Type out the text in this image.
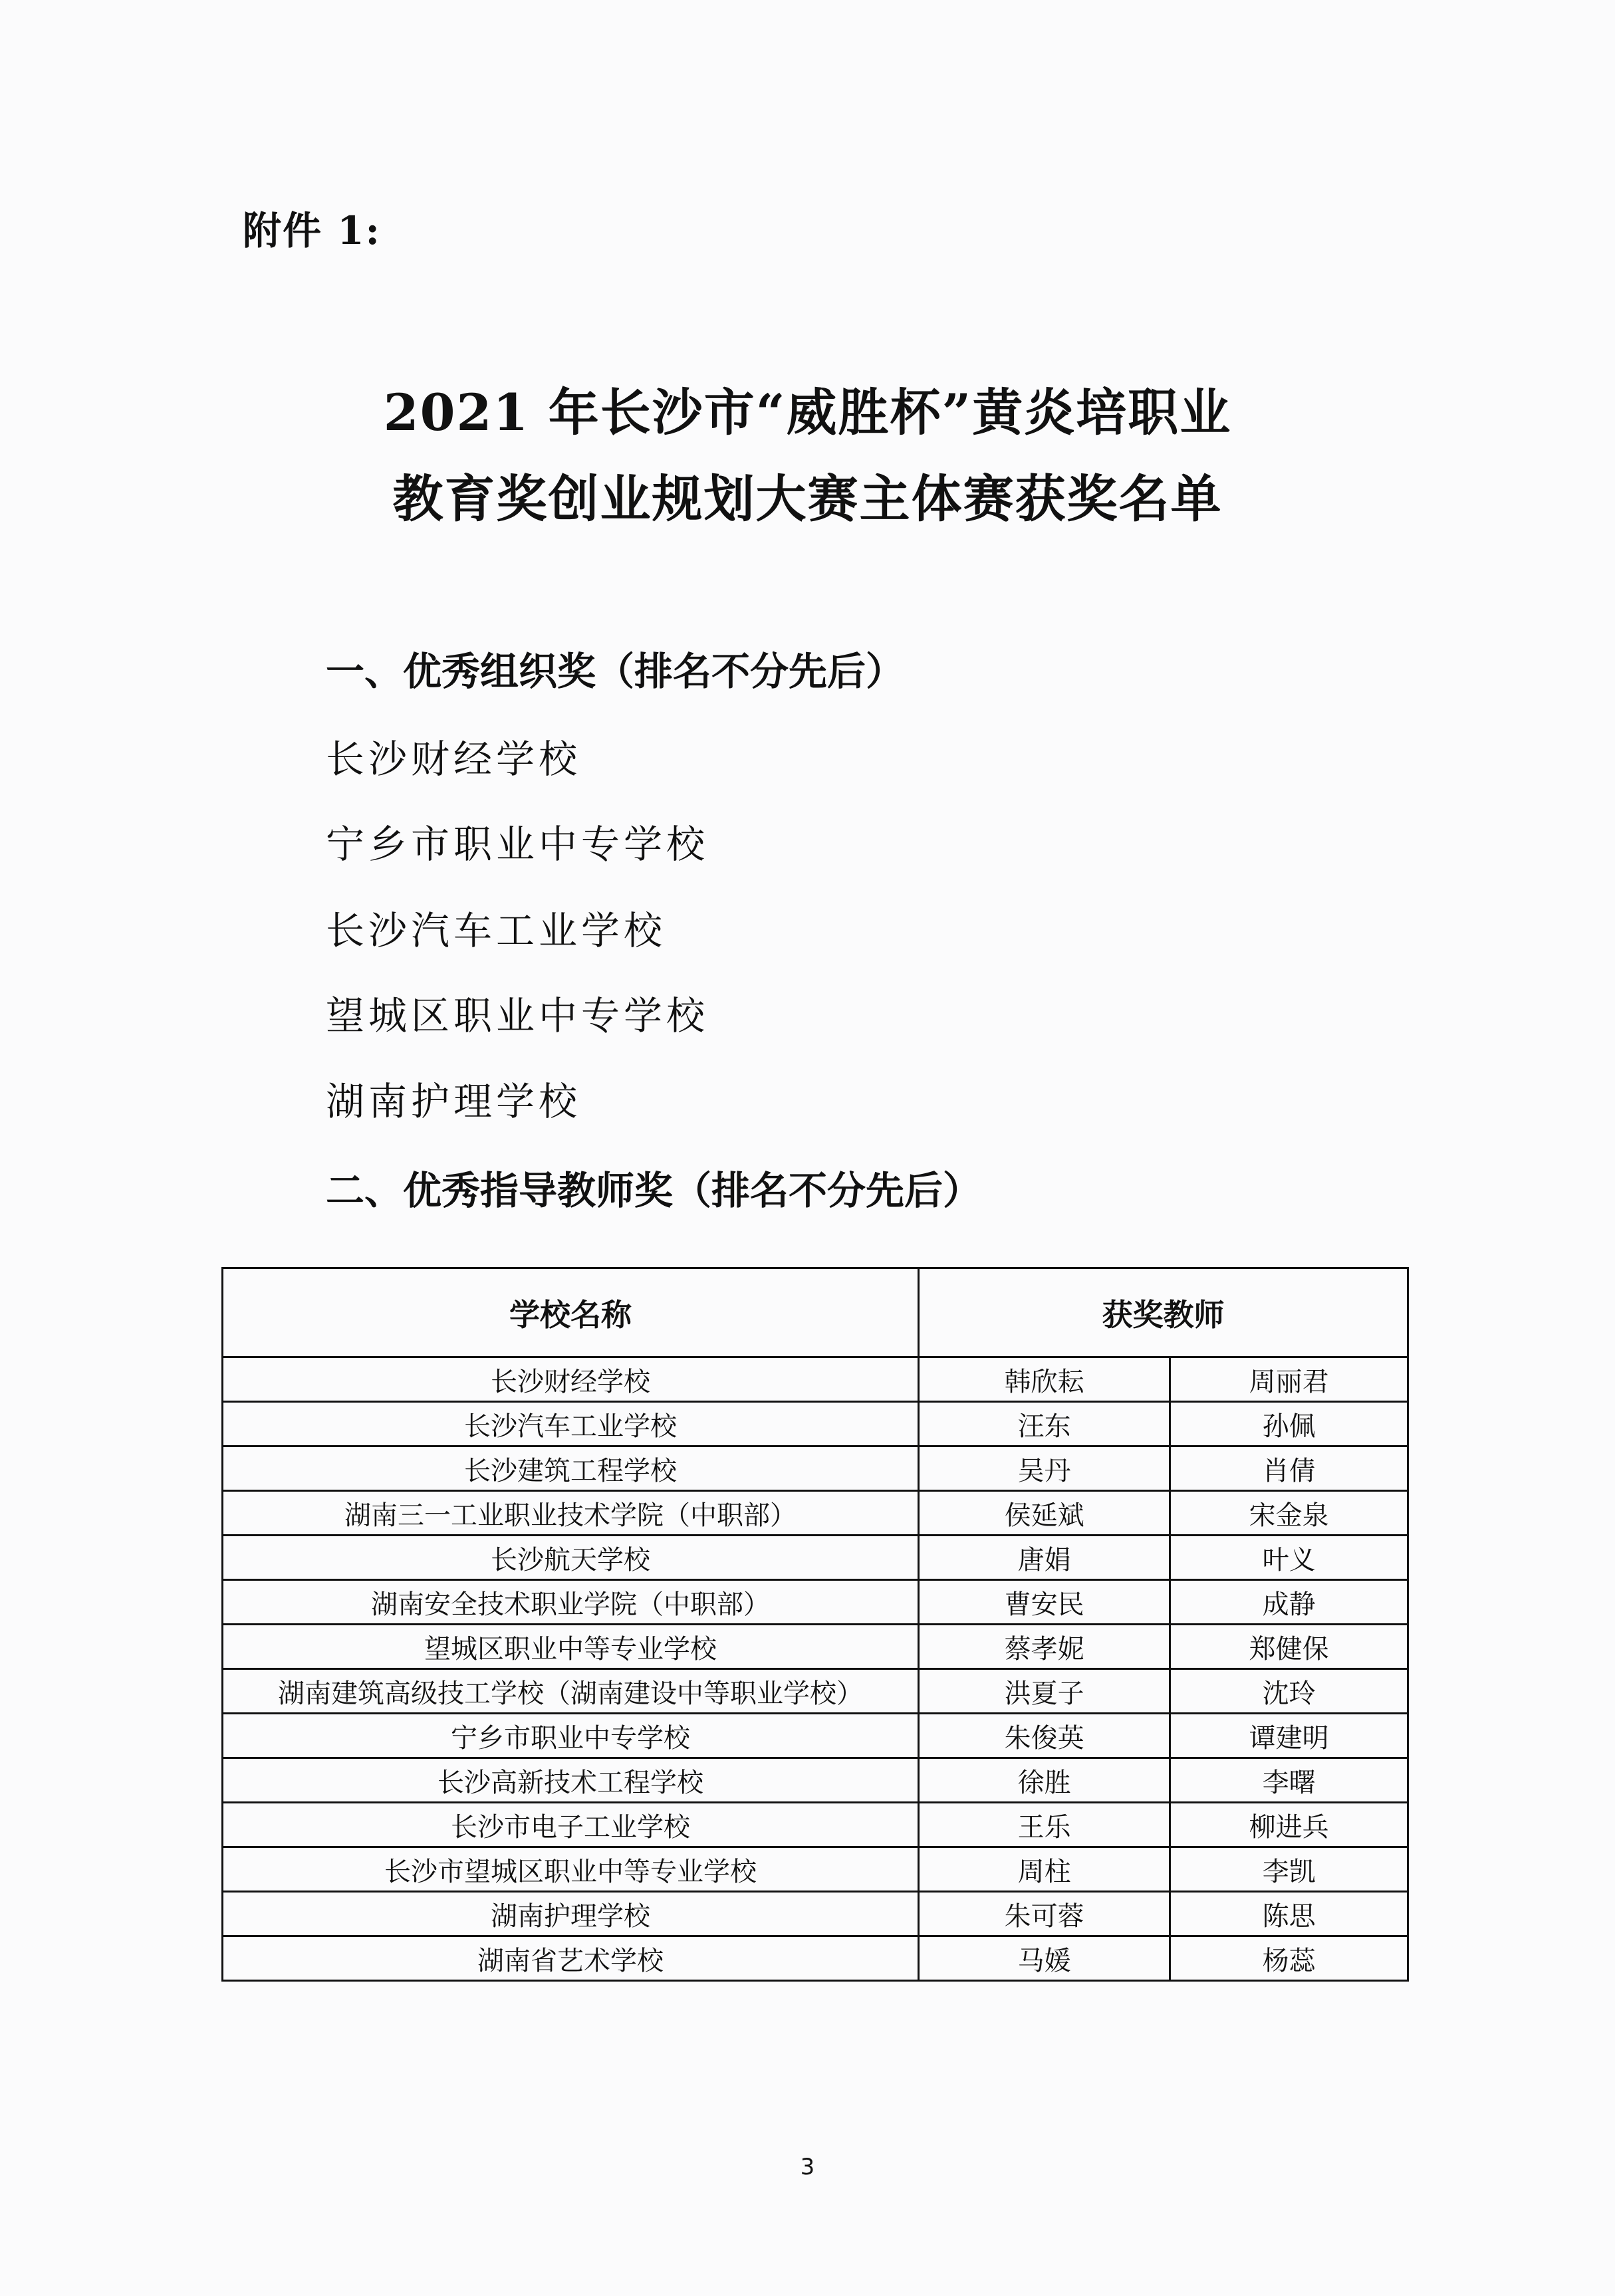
附件 1:
2021 年长沙市“威胜杯”黄炎培职业
教育奖创业规划大赛主体赛获奖名单
一、优秀组织奖（排名不分先后）
长沙财经学校
宁乡市职业中专学校
长沙汽车工业学校
望城区职业中专学校
湖南护理学校
二、优秀指导教师奖（排名不分先后）
学校名称	获奖教师	
长沙财经学校	韩欣耘	周丽君
长沙汽车工业学校	汪东	孙佩
长沙建筑工程学校	吴丹	肖倩
湖南三一工业职业技术学院（中职部）	侯延斌	宋金泉
长沙航天学校	唐娟	叶义
湖南安全技术职业学院（中职部）	曹安民	成静
望城区职业中等专业学校	蔡孝妮	郑健保
湖南建筑高级技工学校（湖南建设中等职业学校）	洪夏子	沈玲
宁乡市职业中专学校	朱俊英	谭建明
长沙高新技术工程学校	徐胜	李曙
长沙市电子工业学校	王乐	柳进兵
长沙市望城区职业中等专业学校	周柱	李凯
湖南护理学校	朱可蓉	陈思
湖南省艺术学校	马媛	杨蕊
3
